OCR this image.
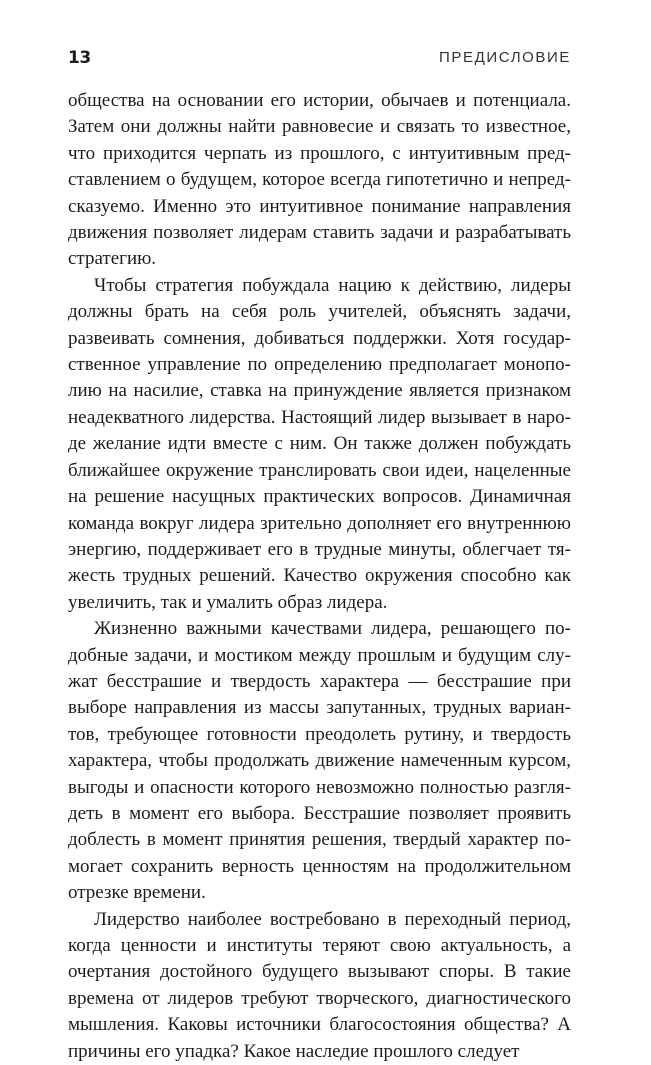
13	ПРЕДИСЛОВИЕ

общества на основании его истории, обычаев и потенциала. Затем они должны найти равновесие и связать то известное, что приходится черпать из прошлого, с интуитивным представлением о будущем, которое всегда гипотетично и непредсказуемо. Именно это интуитивное понимание направления движения позволяет лидерам ставить задачи и разрабатывать стратегию.

Чтобы стратегия побуждала нацию к действию, лидеры должны брать на себя роль учителей, объяснять задачи, развеивать сомнения, добиваться поддержки. Хотя государственное управление по определению предполагает монополию на насилие, ставка на принуждение является признаком неадекватного лидерства. Настоящий лидер вызывает в народе желание идти вместе с ним. Он также должен побуждать ближайшее окружение транслировать свои идеи, нацеленные на решение насущных практических вопросов. Динамичная команда вокруг лидера зрительно дополняет его внутреннюю энергию, поддерживает его в трудные минуты, облегчает тяжесть трудных решений. Качество окружения способно как увеличить, так и умалить образ лидера.

Жизненно важными качествами лидера, решающего подобные задачи, и мостиком между прошлым и будущим служат бесстрашие и твердость характера — бесстрашие при выборе направления из массы запутанных, трудных вариантов, требующее готовности преодолеть рутину, и твердость характера, чтобы продолжать движение намеченным курсом, выгоды и опасности которого невозможно полностью разглядеть в момент его выбора. Бесстрашие позволяет проявить доблесть в момент принятия решения, твердый характер помогает сохранить верность ценностям на продолжительном отрезке времени.

Лидерство наиболее востребовано в переходный период, когда ценности и институты теряют свою актуальность, а очертания достойного будущего вызывают споры. В такие времена от лидеров требуют творческого, диагностического мышления. Каковы источники благосостояния общества? А причины его упадка? Какое наследие прошлого следует
